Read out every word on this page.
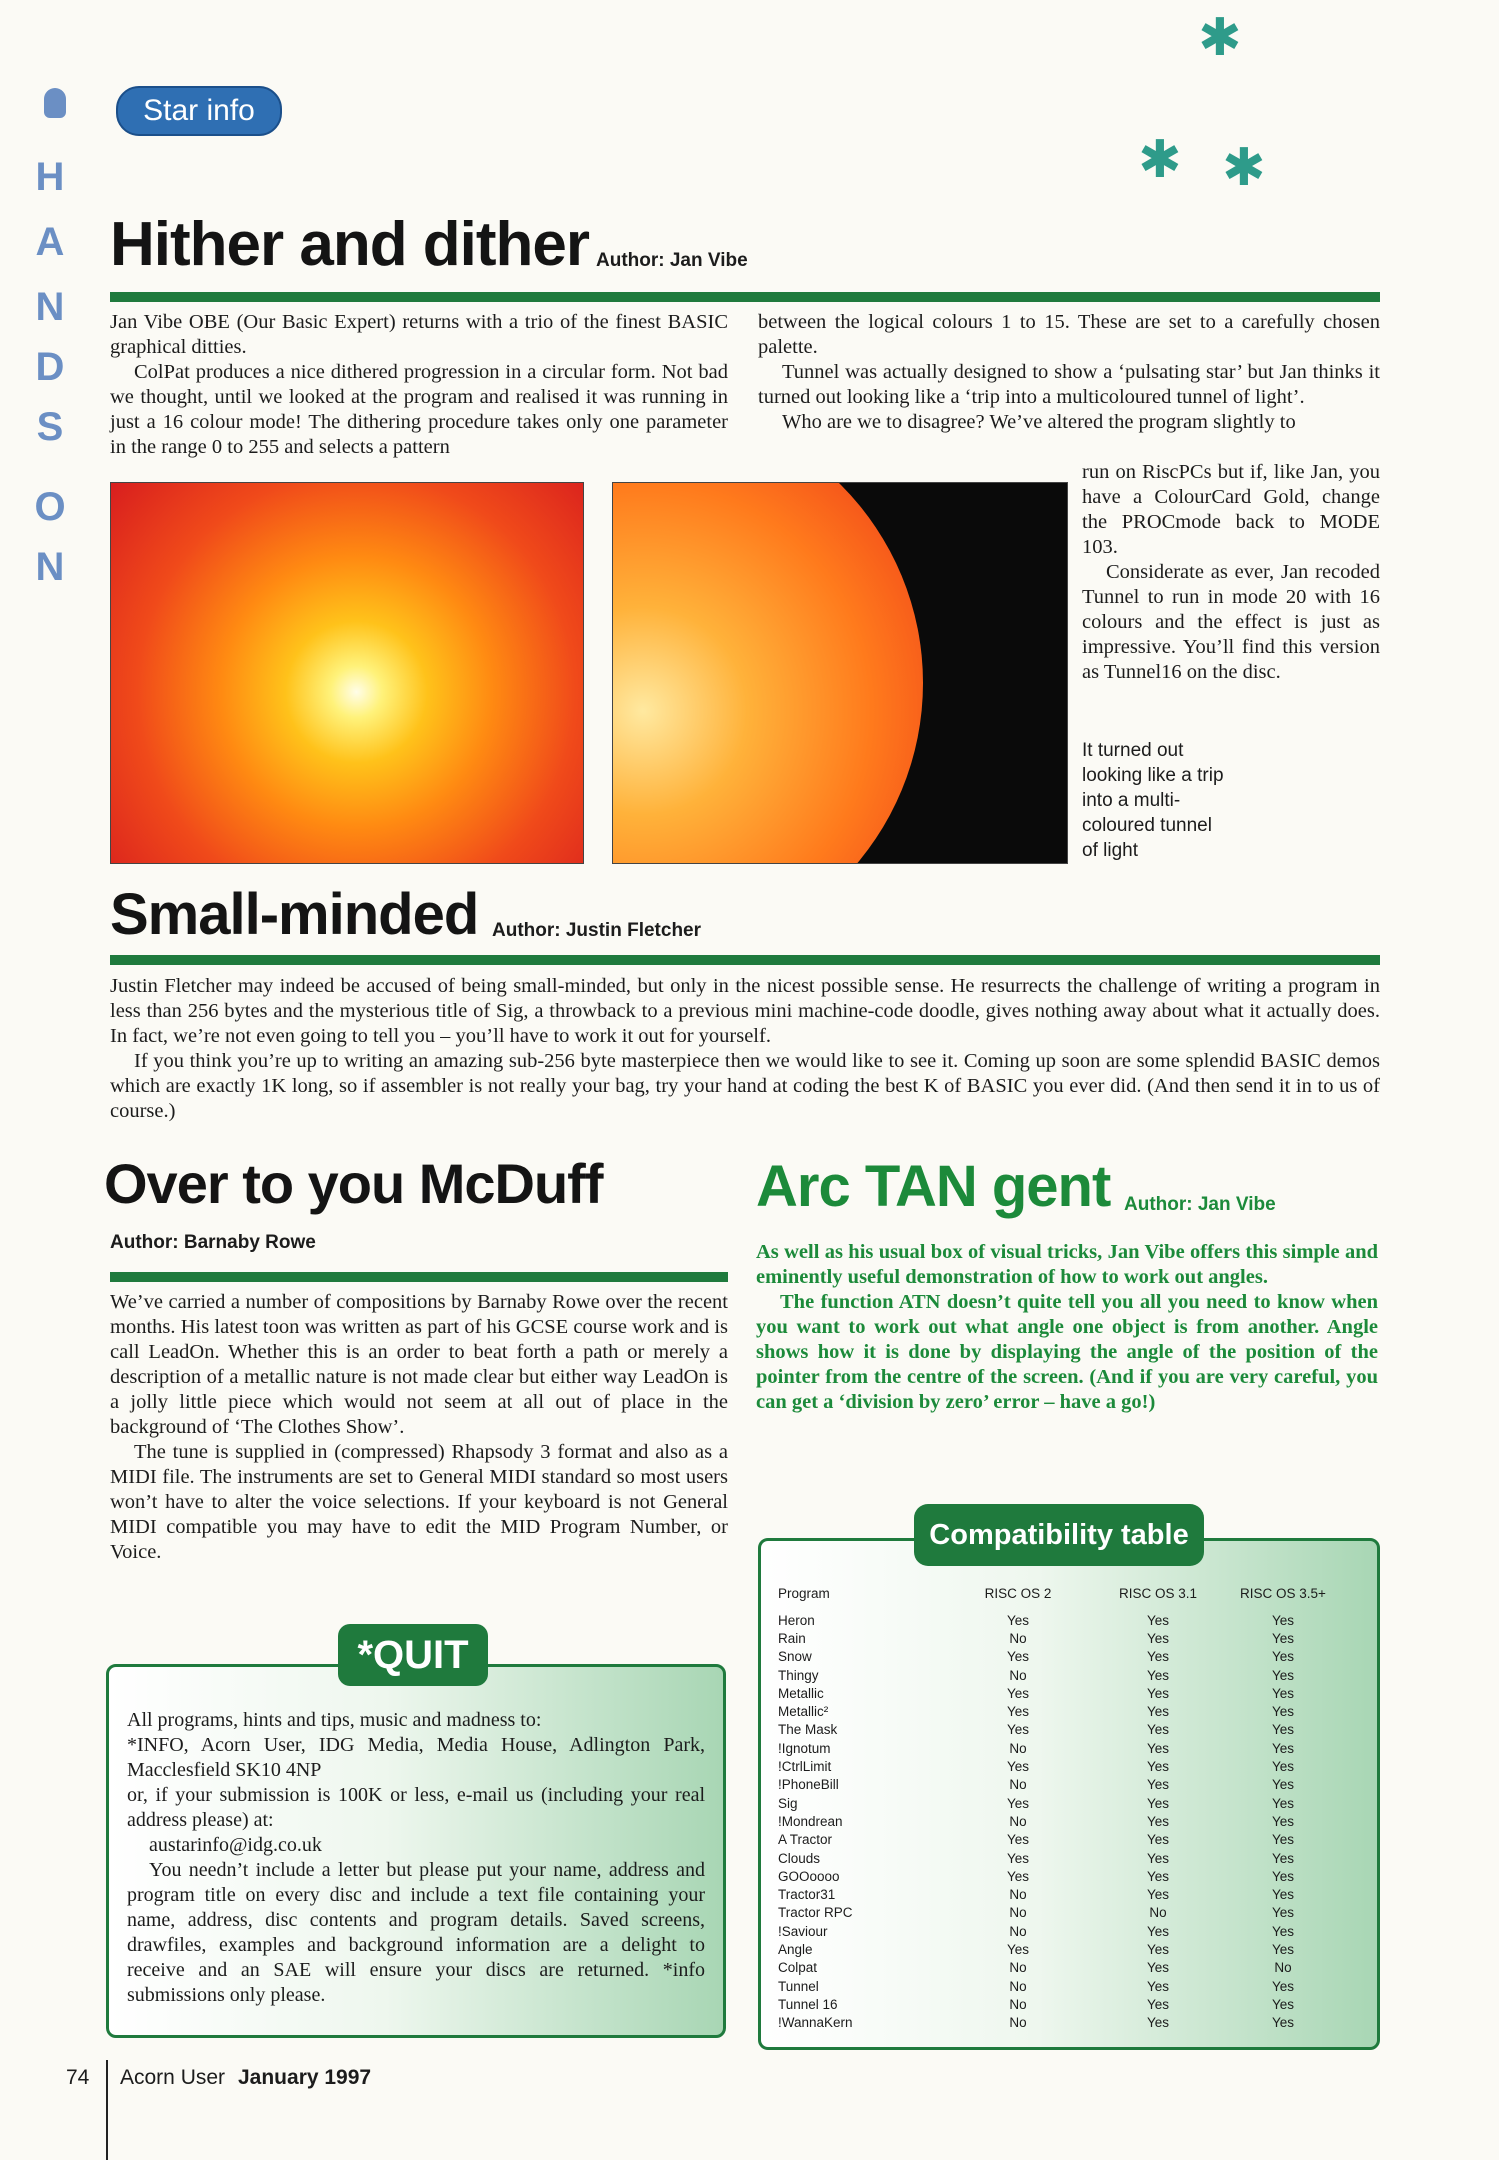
✱
✱ ✱
H
A
N
D
S
O
N
Star info
Hither and dither Author: Jan Vibe

Jan Vibe OBE (Our Basic Expert) returns with a trio of the finest BASIC graphical ditties.

ColPat produces a nice dithered progression in a circular form. Not bad we thought, until we looked at the program and realised it was running in just a 16 colour mode! The dithering procedure takes only one parameter in the range 0 to 255 and selects a pattern

between the logical colours 1 to 15. These are set to a carefully chosen palette.

Tunnel was actually designed to show a ‘pulsating star’ but Jan thinks it turned out looking like a ‘trip into a multicoloured tunnel of light’.

Who are we to disagree? We’ve altered the program slightly to

run on RiscPCs but if, like Jan, you have a ColourCard Gold, change the PROCmode back to MODE 103.

Considerate as ever, Jan recoded Tunnel to run in mode 20 with 16 colours and the effect is just as impressive. You’ll find this version as Tunnel16 on the disc.

It turned out looking like a trip into a multi-coloured tunnel of light
Small-minded Author: Justin Fletcher

Justin Fletcher may indeed be accused of being small-minded, but only in the nicest possible sense. He resurrects the challenge of writing a program in less than 256 bytes and the mysterious title of Sig, a throwback to a previous mini machine-code doodle, gives nothing away about what it actually does. In fact, we’re not even going to tell you – you’ll have to work it out for yourself.

If you think you’re up to writing an amazing sub-256 byte masterpiece then we would like to see it. Coming up soon are some splendid BASIC demos which are exactly 1K long, so if assembler is not really your bag, try your hand at coding the best K of BASIC you ever did. (And then send it in to us of course.)

Over to you McDuff
Author: Barnaby Rowe

We’ve carried a number of compositions by Barnaby Rowe over the recent months. His latest toon was written as part of his GCSE course work and is call LeadOn. Whether this is an order to beat forth a path or merely a description of a metallic nature is not made clear but either way LeadOn is a jolly little piece which would not seem at all out of place in the background of ‘The Clothes Show’.

The tune is supplied in (compressed) Rhapsody 3 format and also as a MIDI file. The instruments are set to General MIDI standard so most users won’t have to alter the voice selections. If your keyboard is not General MIDI compatible you may have to edit the MID Program Number, or Voice.

*QUIT
All programs, hints and tips, music and madness to:
*INFO, Acorn User, IDG Media, Media House, Adlington Park, Macclesfield SK10 4NP
or, if your submission is 100K or less, e-mail us (including your real address please) at:
austarinfo@idg.co.uk
You needn’t include a letter but please put your name, address and program title on every disc and include a text file containing your name, address, disc contents and program details. Saved screens, drawfiles, examples and background information are a delight to receive and an SAE will ensure your discs are returned. *info submissions only please.
Arc TAN gent Author: Jan Vibe

As well as his usual box of visual tricks, Jan Vibe offers this simple and eminently useful demonstration of how to work out angles.

The function ATN doesn’t quite tell you all you need to know when you want to work out what angle one object is from another. Angle shows how it is done by displaying the angle of the position of the pointer from the centre of the screen. (And if you are very careful, you can get a ‘division by zero’ error – have a go!)

Compatibility table
Program	RISC OS 2	RISC OS 3.1	RISC OS 3.5+
Heron	Yes	Yes	Yes
Rain	No	Yes	Yes
Snow	Yes	Yes	Yes
Thingy	No	Yes	Yes
Metallic	Yes	Yes	Yes
Metallic²	Yes	Yes	Yes
The Mask	Yes	Yes	Yes
!Ignotum	No	Yes	Yes
!CtrlLimit	Yes	Yes	Yes
!PhoneBill	No	Yes	Yes
Sig	Yes	Yes	Yes
!Mondrean	No	Yes	Yes
A Tractor	Yes	Yes	Yes
Clouds	Yes	Yes	Yes
GOOoooo	Yes	Yes	Yes
Tractor31	No	Yes	Yes
Tractor RPC	No	No	Yes
!Saviour	No	Yes	Yes
Angle	Yes	Yes	Yes
Colpat	No	Yes	No
Tunnel	No	Yes	Yes
Tunnel 16	No	Yes	Yes
!WannaKern	No	Yes	Yes
74 Acorn User January 1997
